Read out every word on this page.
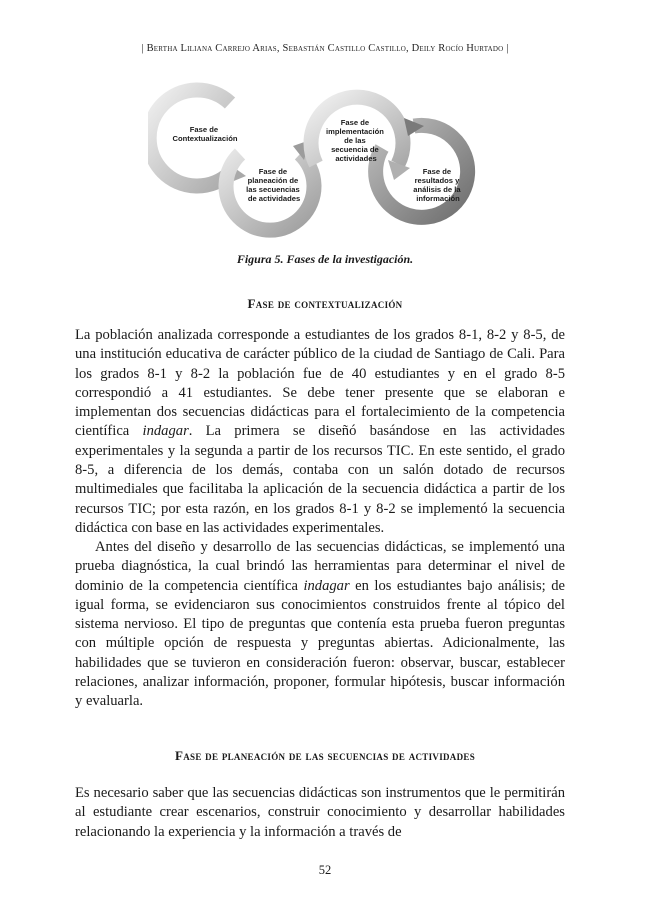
| Bertha Liliana Carrejo Arias, Sebastián Castillo Castillo, Deily Rocío Hurtado |
Fase de Contextualización
Fase de planeación de las secuencias de actividades
Fase de implementación de las secuencia de actividades
Fase de resultados y análisis de la información
Figura 5. Fases de la investigación.
Fase de contextualización

La población analizada corresponde a estudiantes de los grados 8-1, 8-2 y 8-5, de una institución educativa de carácter público de la ciudad de Santiago de Cali. Para los grados 8-1 y 8-2 la población fue de 40 estudiantes y en el grado 8-5 correspondió a 41 estudiantes. Se debe tener presente que se elaboran e implementan dos secuencias didácticas para el fortalecimiento de la competencia científica indagar. La primera se diseñó basándose en las actividades experimentales y la segunda a partir de los recursos TIC. En este sentido, el grado 8-5, a diferencia de los demás, contaba con un salón dotado de recursos multimediales que facilitaba la aplicación de la secuencia didáctica a partir de los recursos TIC; por esta razón, en los grados 8-1 y 8-2 se implementó la secuencia didáctica con base en las actividades experimentales.

Antes del diseño y desarrollo de las secuencias didácticas, se implementó una prueba diagnóstica, la cual brindó las herramientas para determinar el nivel de dominio de la competencia científica indagar en los estudiantes bajo análisis; de igual forma, se evidenciaron sus conocimientos construidos frente al tópico del sistema nervioso. El tipo de preguntas que contenía esta prueba fueron preguntas con múltiple opción de respuesta y preguntas abiertas. Adicionalmente, las habilidades que se tuvieron en consideración fueron: observar, buscar, establecer relaciones, analizar información, proponer, formular hipótesis, buscar información y evaluarla.

Fase de planeación de las secuencias de actividades

Es necesario saber que las secuencias didácticas son instrumentos que le permitirán al estudiante crear escenarios, construir conocimiento y desarrollar habilidades relacionando la experiencia y la información a través de

52
